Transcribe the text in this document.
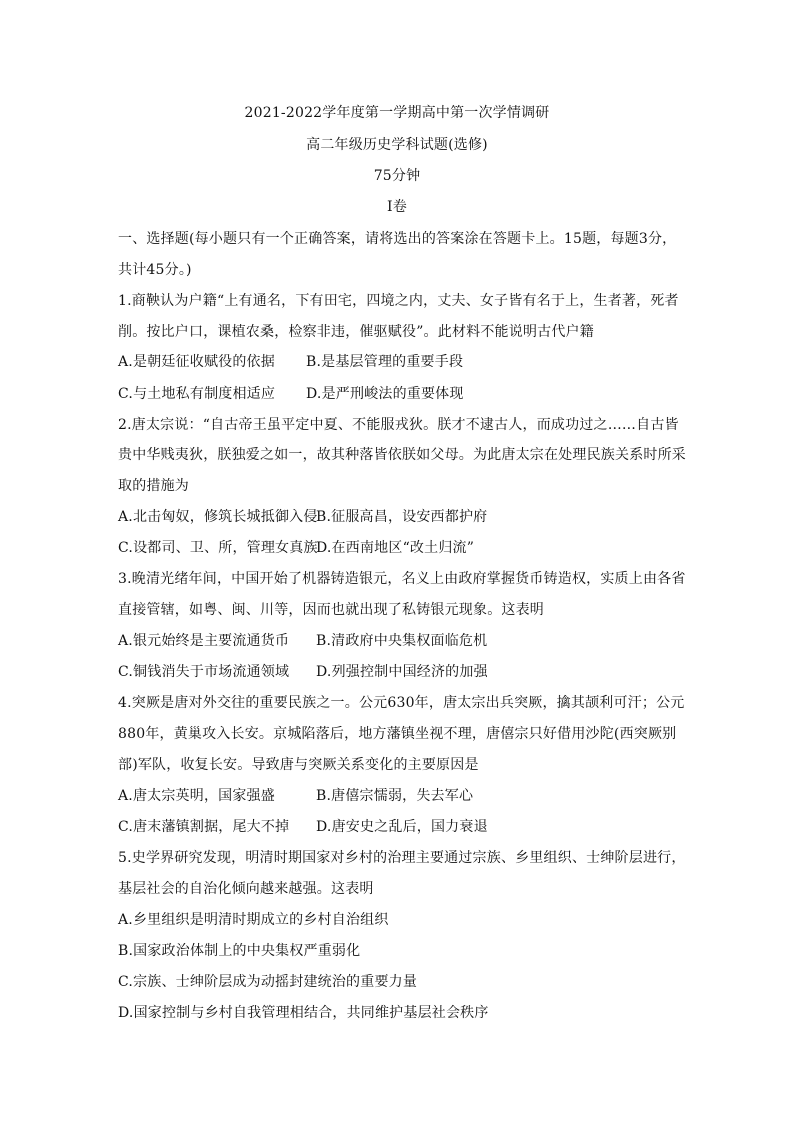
2021-2022学年度第一学期高中第一次学情调研
高二年级历史学科试题(选修)
75分钟
I卷
一、选择题(每小题只有一个正确答案，请将选出的答案涂在答题卡上。15题，每题3分，
共计45分。)
1.商鞅认为户籍“上有通名，下有田宅，四境之内，丈夫、女子皆有名于上，生者著，死者
削。按比户口，课植农桑，检察非违，催驱赋役”。此材料不能说明古代户籍
A.是朝廷征收赋役的依据 B.是基层管理的重要手段
C.与土地私有制度相适应 D.是严刑峻法的重要体现
2.唐太宗说：“自古帝王虽平定中夏、不能服戎狄。朕才不逮古人，而成功过之……自古皆
贵中华贱夷狄，朕独爱之如一，故其种落皆依朕如父母。为此唐太宗在处理民族关系时所采
取的措施为
A.北击匈奴，修筑长城抵御入侵B.征服高昌，设安西都护府
C.设都司、卫、所，管理女真族D.在西南地区“改土归流”
3.晚清光绪年间，中国开始了机器铸造银元，名义上由政府掌握货币铸造权，实质上由各省
直接管辖，如粤、闽、川等，因而也就出现了私铸银元现象。这表明
A.银元始终是主要流通货币 B.清政府中央集权面临危机
C.铜钱消失于市场流通领域 D.列强控制中国经济的加强
4.突厥是唐对外交往的重要民族之一。公元630年，唐太宗出兵突厥，擒其颉利可汗；公元
880年，黄巢攻入长安。京城陷落后，地方藩镇坐视不理，唐僖宗只好借用沙陀(西突厥别
部)军队，收复长安。导致唐与突厥关系变化的主要原因是
A.唐太宗英明，国家强盛	B.唐僖宗懦弱，失去军心
C.唐末藩镇割据，尾大不掉 D.唐安史之乱后，国力衰退
5.史学界研究发现，明清时期国家对乡村的治理主要通过宗族、乡里组织、士绅阶层进行，
基层社会的自治化倾向越来越强。这表明
A.乡里组织是明清时期成立的乡村自治组织
B.国家政治体制上的中央集权严重弱化
C.宗族、士绅阶层成为动摇封建统治的重要力量
D.国家控制与乡村自我管理相结合，共同维护基层社会秩序
